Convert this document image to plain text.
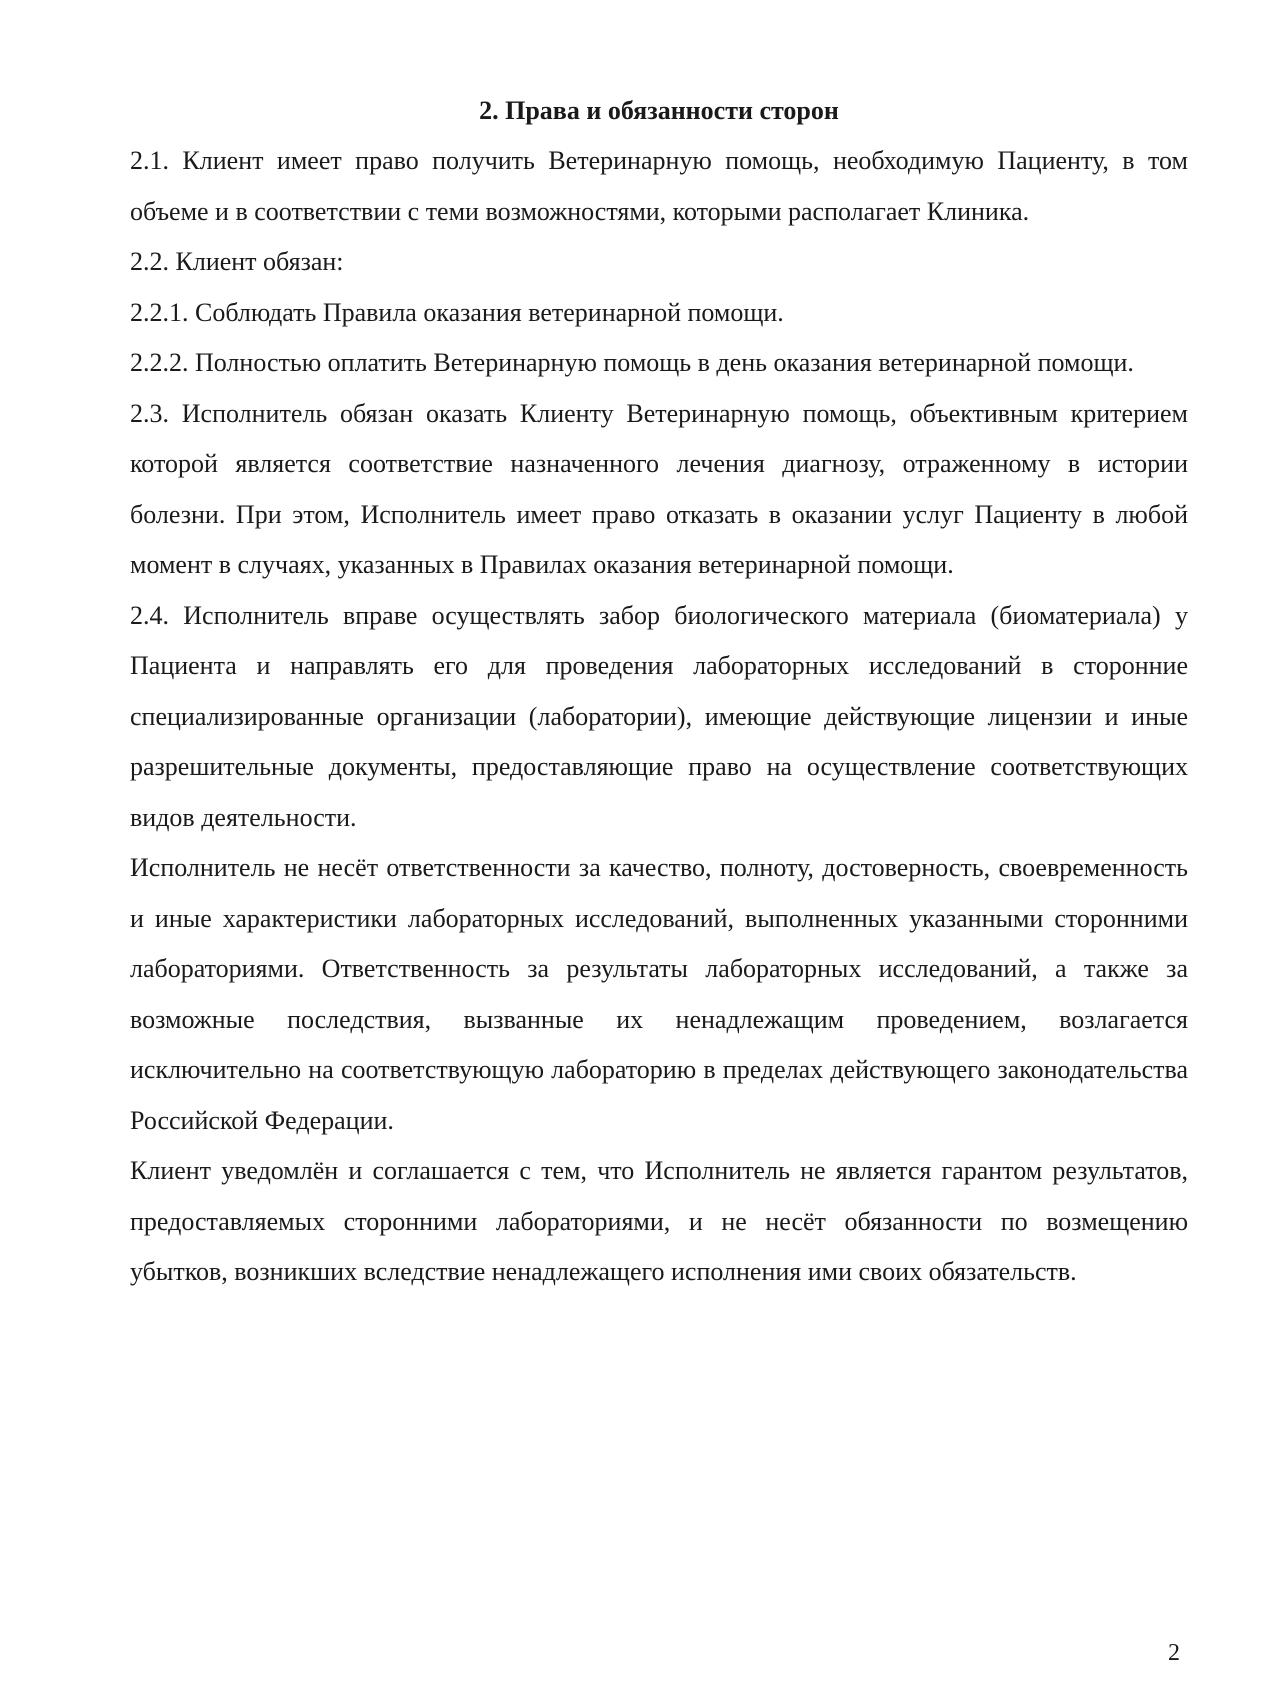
2. Права и обязанности сторон

2.1. Клиент имеет право получить Ветеринарную помощь, необходимую Пациенту, в том объеме и в соответствии с теми возможностями, которыми располагает Клиника.

2.2. Клиент обязан:

2.2.1. Соблюдать Правила оказания ветеринарной помощи.

2.2.2. Полностью оплатить Ветеринарную помощь в день оказания ветеринарной помощи.

2.3. Исполнитель обязан оказать Клиенту Ветеринарную помощь, объективным критерием которой является соответствие назначенного лечения диагнозу, отраженному в истории болезни. При этом, Исполнитель имеет право отказать в оказании услуг Пациенту в любой момент в случаях, указанных в Правилах оказания ветеринарной помощи.

2.4. Исполнитель вправе осуществлять забор биологического материала (биоматериала) у Пациента и направлять его для проведения лабораторных исследований в сторонние специализированные организации (лаборатории), имеющие действующие лицензии и иные разрешительные документы, предоставляющие право на осуществление соответствующих видов деятельности.

Исполнитель не несёт ответственности за качество, полноту, достоверность, своевременность и иные характеристики лабораторных исследований, выполненных указанными сторонними лабораториями. Ответственность за результаты лабораторных исследований, а также за возможные последствия, вызванные их ненадлежащим проведением, возлагается исключительно на соответствующую лабораторию в пределах действующего законодательства Российской Федерации.

Клиент уведомлён и соглашается с тем, что Исполнитель не является гарантом результатов, предоставляемых сторонними лабораториями, и не несёт обязанности по возмещению убытков, возникших вследствие ненадлежащего исполнения ими своих обязательств.

2
